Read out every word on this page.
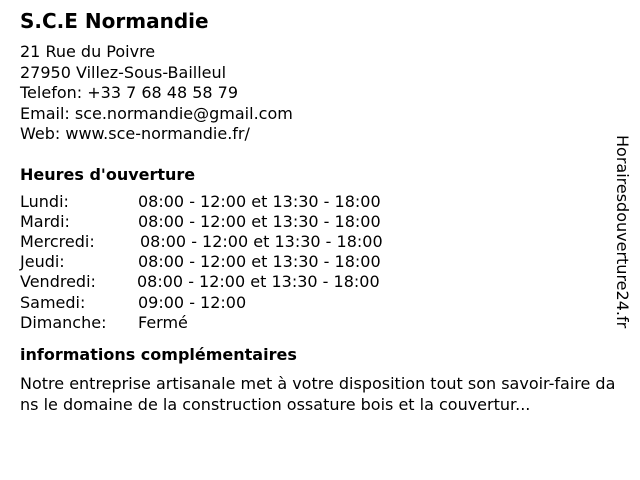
S.C.E Normandie
21 Rue du Poivre
27950 Villez-Sous-Bailleul
Telefon: +33 7 68 48 58 79
Email: sce.normandie@gmail.com
Web: www.sce-normandie.fr/
Heures d'ouverture
Lundi:	08:00 - 12:00 et 13:30 - 18:00
Mardi:	08:00 - 12:00 et 13:30 - 18:00
Mercredi:	08:00 - 12:00 et 13:30 - 18:00
Jeudi:	08:00 - 12:00 et 13:30 - 18:00
Vendredi:	08:00 - 12:00 et 13:30 - 18:00
Samedi:	09:00 - 12:00
Dimanche:	Fermé
informations complémentaires
Notre entreprise artisanale met à votre disposition tout son savoir-faire dans le domaine de la construction ossature bois et la couvertur...
Horairesdouverture24.fr
